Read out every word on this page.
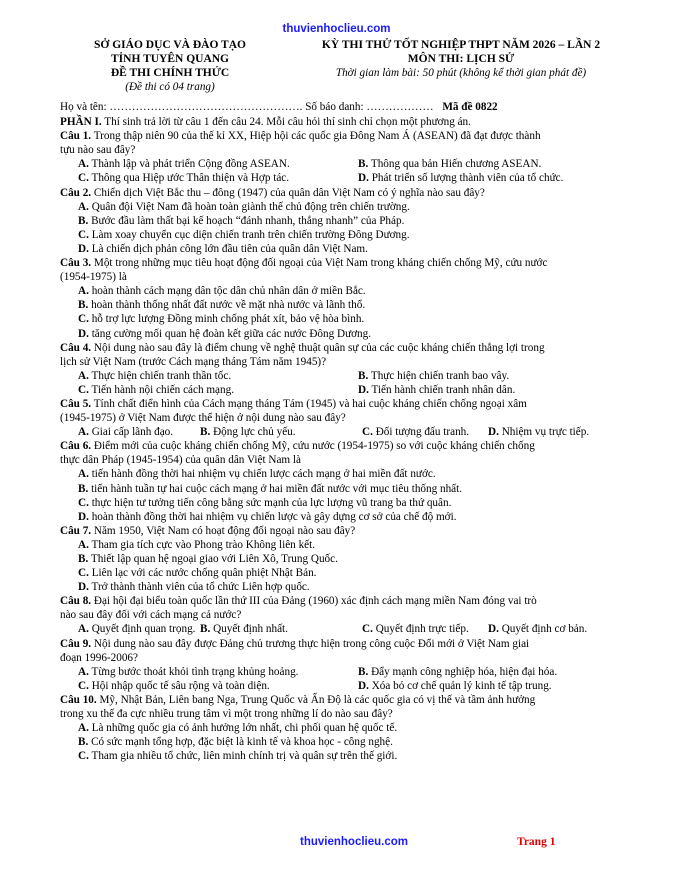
thuvienhoclieu.com
SỞ GIÁO DỤC VÀ ĐÀO TẠO
TỈNH TUYÊN QUANG
ĐỀ THI CHÍNH THỨC
(Đề thi có 04 trang)
KỲ THI THỬ TỐT NGHIỆP THPT NĂM 2026 – LẦN 2
MÔN THI: LỊCH SỬ
Thời gian làm bài: 50 phút (không kể thời gian phát đề)
Họ và tên: ……………………………………………. Số báo danh: ……………… Mã đề 0822
PHẦN I. Thí sinh trả lời từ câu 1 đến câu 24. Mỗi câu hỏi thí sinh chỉ chọn một phương án.
Câu 1. Trong thập niên 90 của thế kỉ XX, Hiệp hội các quốc gia Đông Nam Á (ASEAN) đã đạt được thành
tựu nào sau đây?
A. Thành lập và phát triển Cộng đồng ASEAN.	B. Thông qua bản Hiến chương ASEAN.
C. Thông qua Hiệp ước Thân thiện và Hợp tác.	D. Phát triển số lượng thành viên của tổ chức.
Câu 2. Chiến dịch Việt Bắc thu – đông (1947) của quân dân Việt Nam có ý nghĩa nào sau đây?
A. Quân đội Việt Nam đã hoàn toàn giành thế chủ động trên chiến trường.
B. Bước đầu làm thất bại kế hoạch “đánh nhanh, thắng nhanh” của Pháp.
C. Làm xoay chuyển cục diện chiến tranh trên chiến trường Đông Dương.
D. Là chiến dịch phản công lớn đầu tiên của quân dân Việt Nam.
Câu 3. Một trong những mục tiêu hoạt động đối ngoại của Việt Nam trong kháng chiến chống Mỹ, cứu nước
(1954-1975) là
A. hoàn thành cách mạng dân tộc dân chủ nhân dân ở miền Bắc.
B. hoàn thành thống nhất đất nước về mặt nhà nước và lãnh thổ.
C. hỗ trợ lực lượng Đồng minh chống phát xít, bảo vệ hòa bình.
D. tăng cường mối quan hệ đoàn kết giữa các nước Đông Dương.
Câu 4. Nội dung nào sau đây là điểm chung về nghệ thuật quân sự của các cuộc kháng chiến thắng lợi trong
lịch sử Việt Nam (trước Cách mạng tháng Tám năm 1945)?
A. Thực hiện chiến tranh thần tốc.	B. Thực hiện chiến tranh bao vây.
C. Tiến hành nội chiến cách mạng.	D. Tiến hành chiến tranh nhân dân.
Câu 5. Tính chất điển hình của Cách mạng tháng Tám (1945) và hai cuộc kháng chiến chống ngoại xâm
(1945-1975) ở Việt Nam được thể hiện ở nội dung nào sau đây?
A. Giai cấp lãnh đạo.	B. Động lực chủ yếu.	C. Đối tượng đấu tranh.	D. Nhiệm vụ trực tiếp.
Câu 6. Điểm mới của cuộc kháng chiến chống Mỹ, cứu nước (1954-1975) so với cuộc kháng chiến chống
thực dân Pháp (1945-1954) của quân dân Việt Nam là
A. tiến hành đồng thời hai nhiệm vụ chiến lược cách mạng ở hai miền đất nước.
B. tiến hành tuần tự hai cuộc cách mạng ở hai miền đất nước với mục tiêu thống nhất.
C. thực hiện tư tưởng tiến công bằng sức mạnh của lực lượng vũ trang ba thứ quân.
D. hoàn thành đồng thời hai nhiệm vụ chiến lược và gây dựng cơ sở của chế độ mới.
Câu 7. Năm 1950, Việt Nam có hoạt động đối ngoại nào sau đây?
A. Tham gia tích cực vào Phong trào Không liên kết.
B. Thiết lập quan hệ ngoại giao với Liên Xô, Trung Quốc.
C. Liên lạc với các nước chống quân phiệt Nhật Bản.
D. Trở thành thành viên của tổ chức Liên hợp quốc.
Câu 8. Đại hội đại biểu toàn quốc lần thứ III của Đảng (1960) xác định cách mạng miền Nam đóng vai trò
nào sau đây đối với cách mạng cả nước?
A. Quyết định quan trọng. B. Quyết định nhất.	C. Quyết định trực tiếp.	D. Quyết định cơ bản.
Câu 9. Nội dung nào sau đây được Đảng chủ trương thực hiện trong công cuộc Đổi mới ở Việt Nam giai
đoạn 1996-2006?
A. Từng bước thoát khỏi tình trạng khủng hoảng.	B. Đẩy mạnh công nghiệp hóa, hiện đại hóa.
C. Hội nhập quốc tế sâu rộng và toàn diện.	D. Xóa bỏ cơ chế quản lý kinh tế tập trung.
Câu 10. Mỹ, Nhật Bản, Liên bang Nga, Trung Quốc và Ấn Độ là các quốc gia có vị thế và tầm ảnh hưởng
trong xu thế đa cực nhiều trung tâm vì một trong những lí do nào sau đây?
A. Là những quốc gia có ảnh hưởng lớn nhất, chi phối quan hệ quốc tế.
B. Có sức mạnh tổng hợp, đặc biệt là kinh tế và khoa học - công nghệ.
C. Tham gia nhiều tổ chức, liên minh chính trị và quân sự trên thế giới.
thuvienhoclieu.com	Trang 1
